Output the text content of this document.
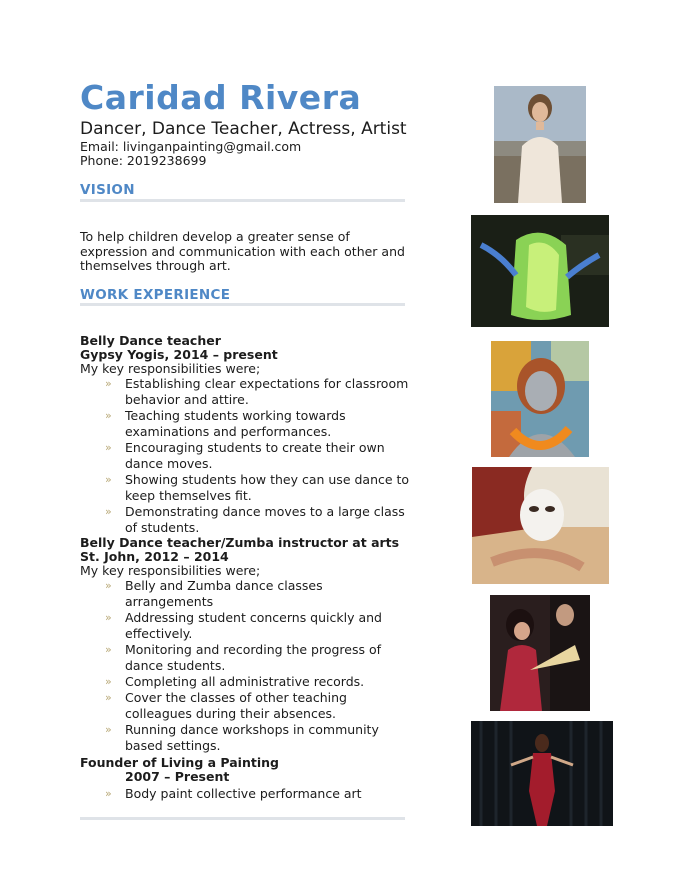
Caridad Rivera
Dancer, Dance Teacher, Actress, Artist
Email: livinganpainting@gmail.com
Phone: 2019238699
VISION
To help children develop a greater sense of expression and communication with each other and themselves through art.
WORK EXPERIENCE
Belly Dance teacher
Gypsy Yogis, 2014 – present
My key responsibilities were;
» Establishing clear expectations for classroom behavior and attire.
» Teaching students working towards examinations and performances.
» Encouraging students to create their own dance moves.
» Showing students how they can use dance to keep themselves fit.
» Demonstrating dance moves to a large class of students.
Belly Dance teacher/Zumba instructor at arts St. John, 2012 – 2014
My key responsibilities were;
» Belly and Zumba dance classes arrangements
» Addressing student concerns quickly and effectively.
» Monitoring and recording the progress of dance students.
» Completing all administrative records.
» Cover the classes of other teaching colleagues during their absences.
» Running dance workshops in community based settings.
Founder of Living a Painting
2007 – Present
» Body paint collective performance art
